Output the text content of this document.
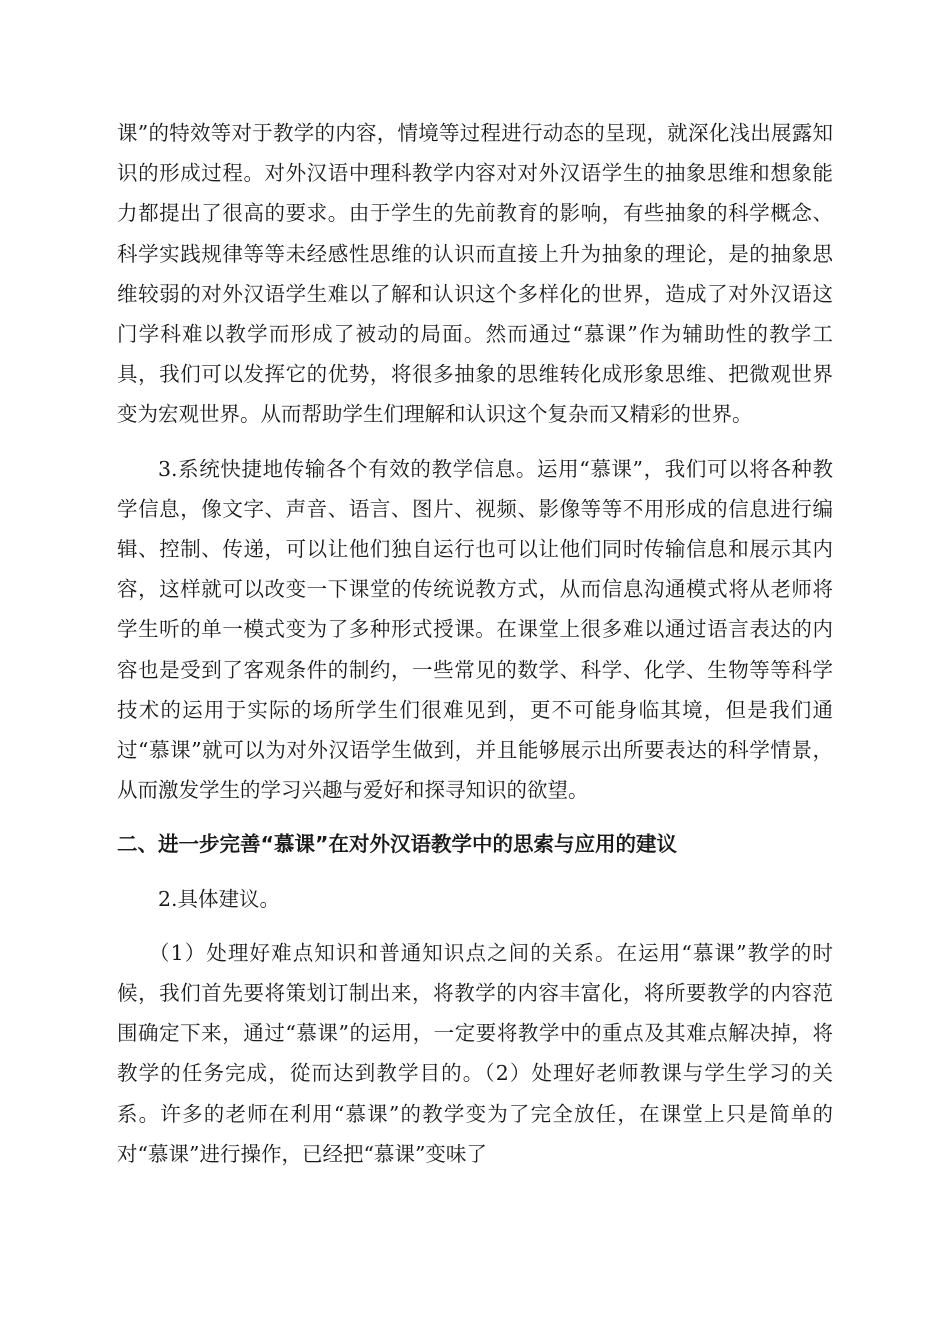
课”的特效等对于教学的内容，情境等过程进行动态的呈现，就深化浅出展露知识的形成过程。对外汉语中理科教学内容对对外汉语学生的抽象思维和想象能力都提出了很高的要求。由于学生的先前教育的影响，有些抽象的科学概念、科学实践规律等等未经感性思维的认识而直接上升为抽象的理论，是的抽象思维较弱的对外汉语学生难以了解和认识这个多样化的世界，造成了对外汉语这门学科难以教学而形成了被动的局面。然而通过“慕课”作为辅助性的教学工具，我们可以发挥它的优势，将很多抽象的思维转化成形象思维、把微观世界变为宏观世界。从而帮助学生们理解和认识这个复杂而又精彩的世界。

3.系统快捷地传输各个有效的教学信息。运用“慕课”，我们可以将各种教学信息，像文字、声音、语言、图片、视频、影像等等不用形成的信息进行编辑、控制、传递，可以让他们独自运行也可以让他们同时传输信息和展示其内容，这样就可以改变一下课堂的传统说教方式，从而信息沟通模式将从老师将学生听的单一模式变为了多种形式授课。在课堂上很多难以通过语言表达的内容也是受到了客观条件的制约，一些常见的数学、科学、化学、生物等等科学技术的运用于实际的场所学生们很难见到，更不可能身临其境，但是我们通过“慕课”就可以为对外汉语学生做到，并且能够展示出所要表达的科学情景，从而激发学生的学习兴趣与爱好和探寻知识的欲望。

二、进一步完善“慕课”在对外汉语教学中的思索与应用的建议

2.具体建议。

（1）处理好难点知识和普通知识点之间的关系。在运用“慕课”教学的时候，我们首先要将策划订制出来，将教学的内容丰富化，将所要教学的内容范围确定下来，通过“慕课”的运用，一定要将教学中的重点及其难点解决掉，将教学的任务完成，從而达到教学目的。（2）处理好老师教课与学生学习的关系。许多的老师在利用“慕课”的教学变为了完全放任，在课堂上只是简单的对“慕课”进行操作，已经把“慕课”变味了
